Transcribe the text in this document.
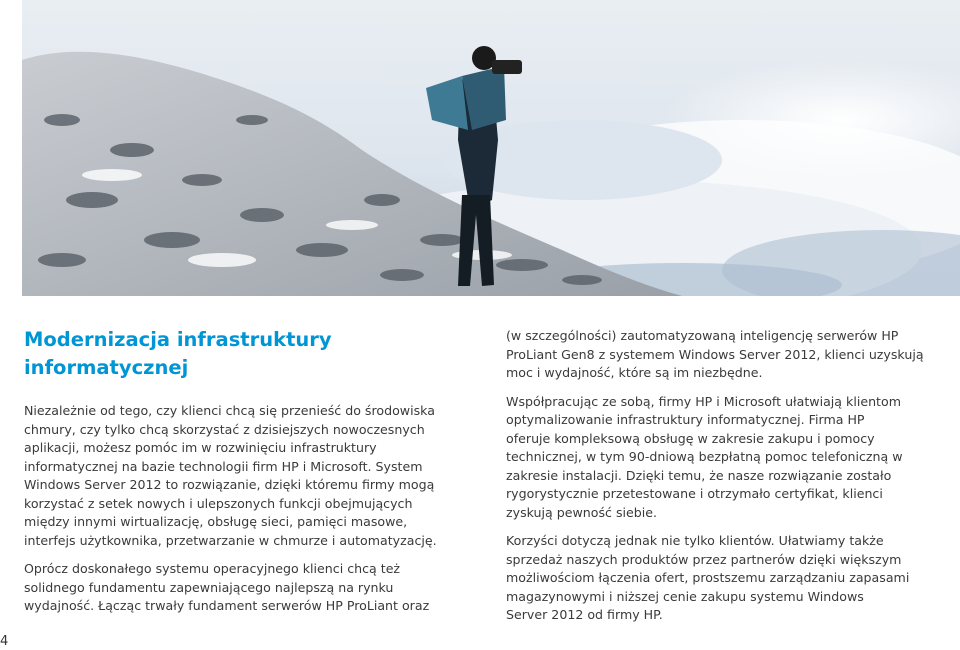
Modernizacja infrastruktury
informatycznej

Niezależnie od tego, czy klienci chcą się przenieść do środowiska

chmury, czy tylko chcą skorzystać z dzisiejszych nowoczesnych

aplikacji, możesz pomóc im w rozwinięciu infrastruktury

informatycznej na bazie technologii firm HP i Microsoft. System

Windows Server 2012 to rozwiązanie, dzięki któremu firmy mogą

korzystać z setek nowych i ulepszonych funkcji obejmujących

między innymi wirtualizację, obsługę sieci, pamięci masowe,

interfejs użytkownika, przetwarzanie w chmurze i automatyzację.

Oprócz doskonałego systemu operacyjnego klienci chcą też

solidnego fundamentu zapewniającego najlepszą na rynku

wydajność. Łącząc trwały fundament serwerów HP ProLiant oraz

(w szczególności) zautomatyzowaną inteligencję serwerów HP

ProLiant Gen8 z systemem Windows Server 2012, klienci uzyskują

moc i wydajność, które są im niezbędne.

Współpracując ze sobą, firmy HP i Microsoft ułatwiają klientom

optymalizowanie infrastruktury informatycznej. Firma HP

oferuje kompleksową obsługę w zakresie zakupu i pomocy

technicznej, w tym 90-dniową bezpłatną pomoc telefoniczną w

zakresie instalacji. Dzięki temu, że nasze rozwiązanie zostało

rygorystycznie przetestowane i otrzymało certyfikat, klienci

zyskują pewność siebie.

Korzyści dotyczą jednak nie tylko klientów. Ułatwiamy także

sprzedaż naszych produktów przez partnerów dzięki większym

możliwościom łączenia ofert, prostszemu zarządzaniu zapasami

magazynowymi i niższej cenie zakupu systemu Windows

Server 2012 od firmy HP.

4
